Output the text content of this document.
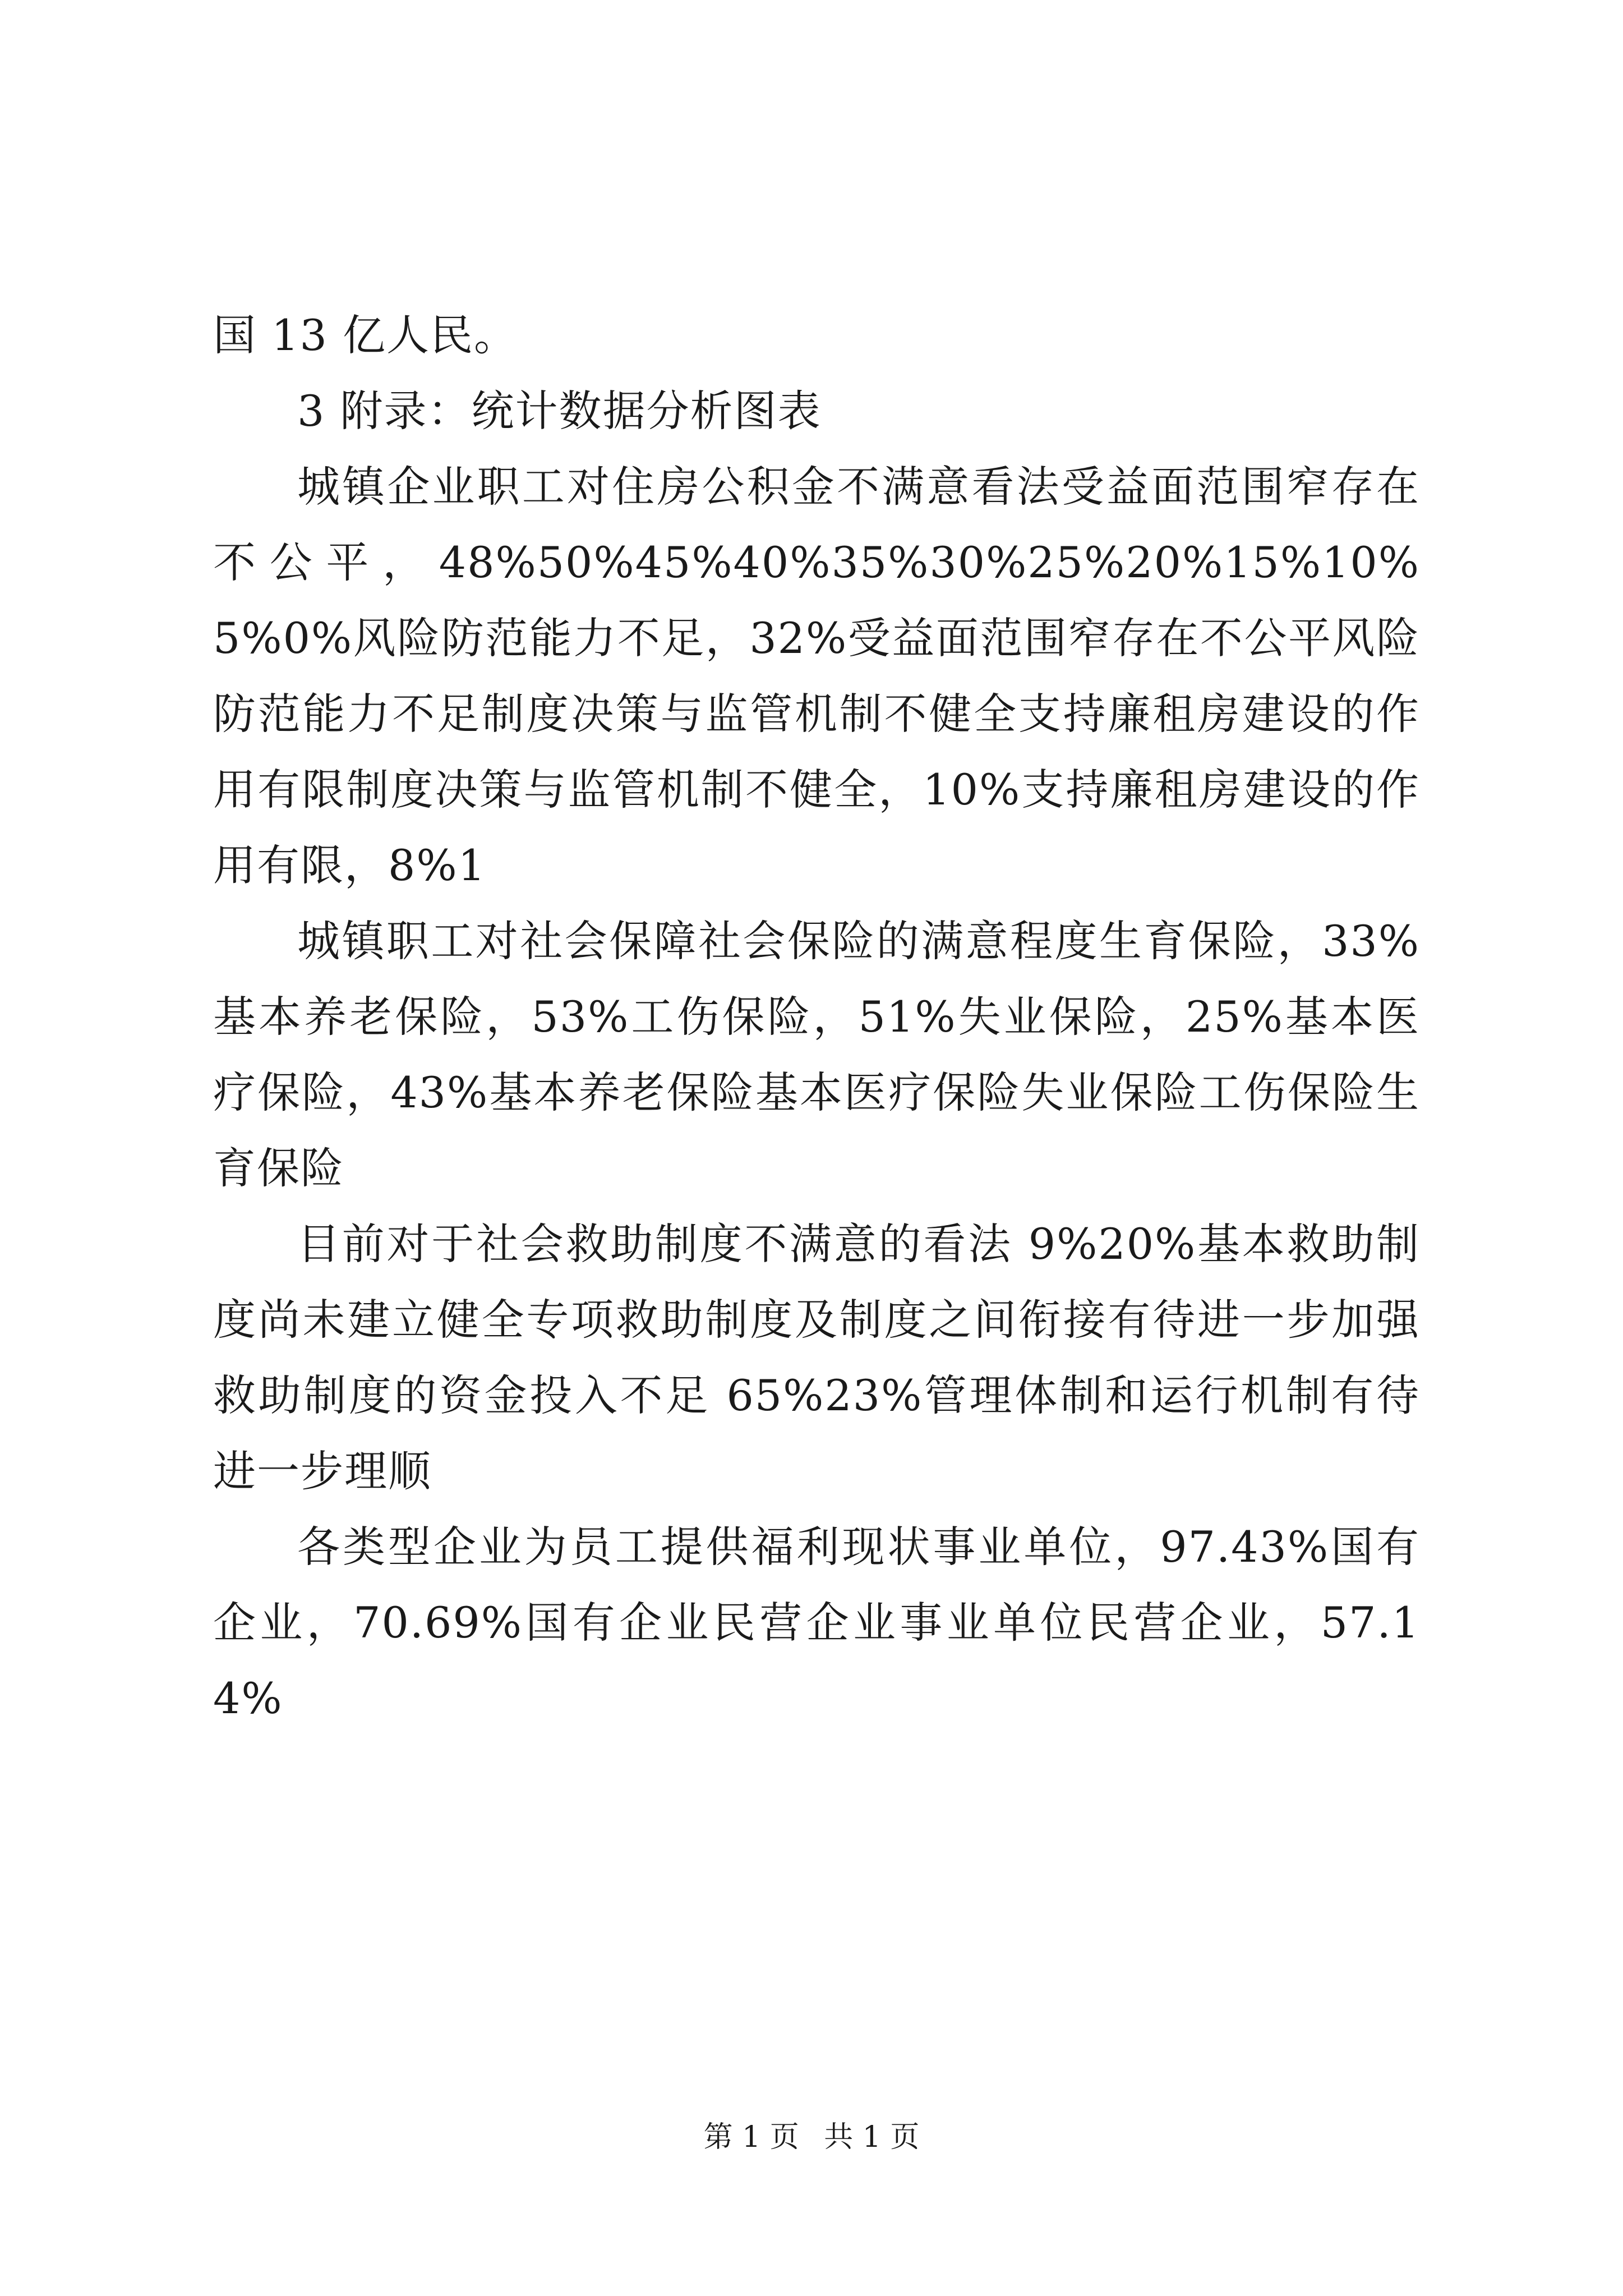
国 13 亿人民。

3 附录：统计数据分析图表

城镇企业职工对住房公积金不满意看法受益面范围窄存在不公平，48%50%45%40%35%30%25%20%15%10%5%0%风险防范能力不足，32%受益面范围窄存在不公平风险防范能力不足制度决策与监管机制不健全支持廉租房建设的作用有限制度决策与监管机制不健全，10%支持廉租房建设的作用有限，8%1

城镇职工对社会保障社会保险的满意程度生育保险，33%基本养老保险，53%工伤保险，51%失业保险，25%基本医疗保险，43%基本养老保险基本医疗保险失业保险工伤保险生育保险

目前对于社会救助制度不满意的看法 9%20%基本救助制度尚未建立健全专项救助制度及制度之间衔接有待进一步加强救助制度的资金投入不足 65%23%管理体制和运行机制有待进一步理顺

各类型企业为员工提供福利现状事业单位，97.43%国有企业，70.69%国有企业民营企业事业单位民营企业，57.14%

第 1 页 共 1 页
